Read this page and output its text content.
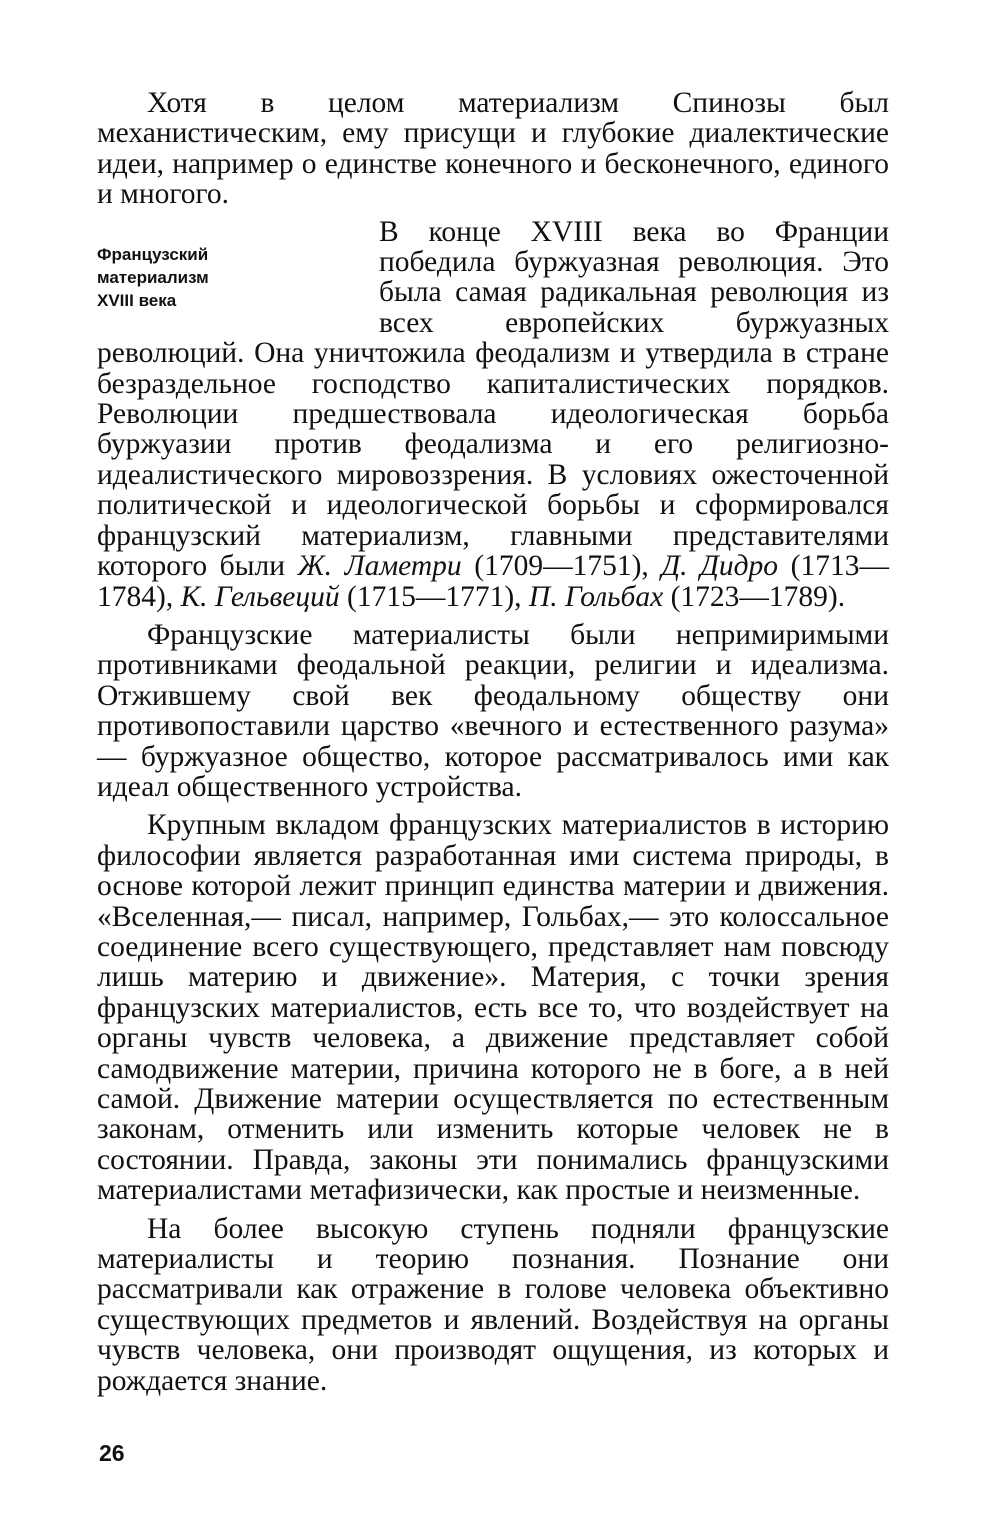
Хотя в целом материализм Спинозы был механистическим, ему присущи и глубокие диалектические идеи, например о единстве конечного и бесконечного, единого и многого.

Французский
материализм
XVIII века

В конце XVIII века во Франции победила буржуазная революция. Это была самая радикальная революция из всех европейских буржуазных революций. Она уничтожила феодализм и утвердила в стране безраздельное господство капиталистических порядков. Революции предшествовала идеологическая борьба буржуазии против феодализма и его религиозно-идеалистического мировоззрения. В условиях ожесточенной политической и идеологической борьбы и сформировался французский материализм, главными представителями которого были Ж. Ламетри (1709—1751), Д. Дидро (1713—1784), К. Гельвеций (1715—1771), П. Гольбах (1723—1789).

Французские материалисты были непримиримыми противниками феодальной реакции, религии и идеализма. Отжившему свой век феодальному обществу они противопоставили царство «вечного и естественного разума» — буржуазное общество, которое рассматривалось ими как идеал общественного устройства.

Крупным вкладом французских материалистов в историю философии является разработанная ими система природы, в основе которой лежит принцип единства материи и движения. «Вселенная,— писал, например, Гольбах,— это колоссальное соединение всего существующего, представляет нам повсюду лишь материю и движение». Материя, с точки зрения французских материалистов, есть все то, что воздействует на органы чувств человека, а движение представляет собой самодвижение материи, причина которого не в боге, а в ней самой. Движение материи осуществляется по естественным законам, отменить или изменить которые человек не в состоянии. Правда, законы эти понимались французскими материалистами метафизически, как простые и неизменные.

На более высокую ступень подняли французские материалисты и теорию познания. Познание они рассматривали как отражение в голове человека объективно существующих предметов и явлений. Воздействуя на органы чувств человека, они производят ощущения, из которых и рождается знание.

26
